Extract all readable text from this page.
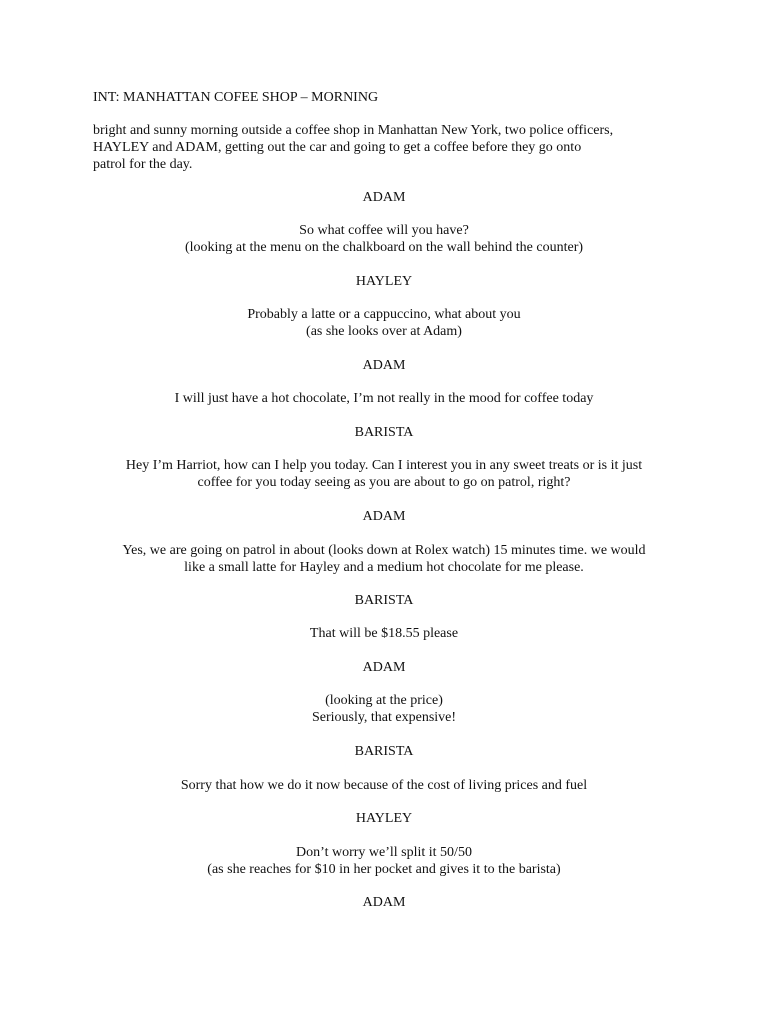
INT: MANHATTAN COFEE SHOP – MORNING
bright and sunny morning outside a coffee shop in Manhattan New York, two police officers,
HAYLEY and ADAM, getting out the car and going to get a coffee before they go onto
patrol for the day.
ADAM
So what coffee will you have?
(looking at the menu on the chalkboard on the wall behind the counter)
HAYLEY
Probably a latte or a cappuccino, what about you
(as she looks over at Adam)
ADAM
I will just have a hot chocolate, I’m not really in the mood for coffee today
BARISTA
Hey I’m Harriot, how can I help you today. Can I interest you in any sweet treats or is it just
coffee for you today seeing as you are about to go on patrol, right?
ADAM
Yes, we are going on patrol in about (looks down at Rolex watch) 15 minutes time. we would
like a small latte for Hayley and a medium hot chocolate for me please.
BARISTA
That will be $18.55 please
ADAM
(looking at the price)
Seriously, that expensive!
BARISTA
Sorry that how we do it now because of the cost of living prices and fuel
HAYLEY
Don’t worry we’ll split it 50/50
(as she reaches for $10 in her pocket and gives it to the barista)
ADAM
